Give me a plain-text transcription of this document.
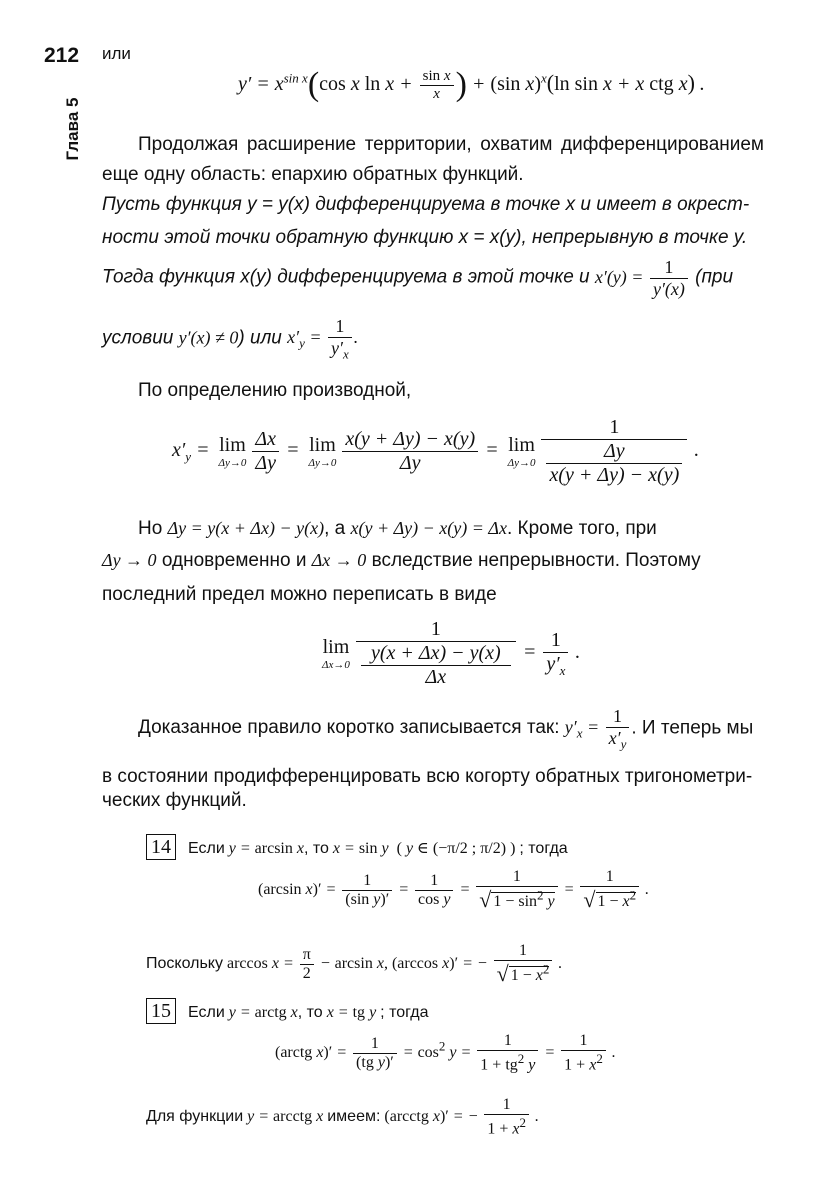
212
Глава 5
или
$y' = x^{sin x}(\cos$ x $\ln x + \frac{\text{sin x}}{x}$ ) + (sin x)$^x$(ln sin x + x ctg x) .

Продолжая расширение территории, охватим дифференцированием еще одну область: епархию обратных функций.

Пусть функция y = y(x) дифференцируема в точке x и имеет в окрест-
ности этой точки обратную функцию x = x(y), непрерывную в точке y.
Тогда функция x(y) дифференцируема в этой точке и $x'(y) = \frac{1}{y'(x)} (при$
условии y′(x) ≠ 0) или $x'_y = \frac{1}{y'_x}$ .
По определению производной,
$x'_y = \lim$
$\Delta y\to 0 \frac{\Delta x}{\Delta y} = \lim$
$\Delta y\to 0 \frac{x(y + \Delta y) - x(y)}{\Delta y} = \lim$
$\Delta y\to 0 \frac{1}{\frac{\Delta y}{x(y + \Delta y) - x(y)}}$ .
Но Δy = y(x + Δx) − y(x), а x(y + Δy) − x(y) = Δx. Кроме того, при
Δy → 0 одновременно и Δx → 0 вследствие непрерывности. Поэтому
последний предел можно переписать в виде
lim
$\Delta x\to 0 \frac{1}{\frac{y(x + \Delta x) - y(x)}{\Delta x}} = \frac{1}{y'_x}$ .
Доказанное правило коротко записывается так: $y'_x = \frac{1}{x'_y}$ . И теперь мы
в состоянии продифференцировать всю когорту обратных тригонометри-
ческих функций.
14 Если y = arcsin x, то x = sin y  ( y ∈ (−π/2 ; π/2) ) ; тогда
(arcsin $x)' = \frac{1}{\text{(sin y)′}} = \frac{1}{\text{cos y}} = \frac{1}{√ 1 - \sin^2 y} = \frac{1}{√ 1 - x^2}$ .
Поскольку $\arccos x = \frac{\pi}{2} - \arcsin x$, (arccos x)′ = − $\frac{1}{√ 1 - x^2}$ .
15 Если y = arctg x, то x = tg y ; тогда
(arctg $x)' = \frac{1}{\text{(tg y)′}} = \cos^2 y = \frac{1}{1 + tg^2 y} = \frac{1}{1 + x^2}$ .
Для функции y = arcctg x имеем: (arcctg x)′ = − $\frac{1}{1 + x^2}$ .
